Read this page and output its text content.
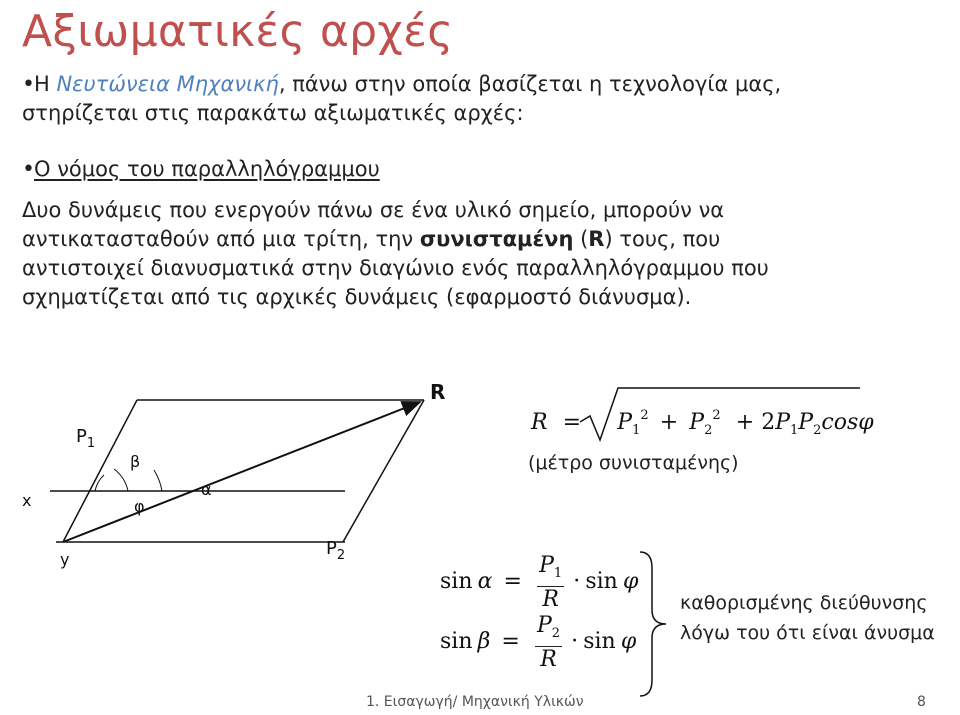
Αξιωματικές αρχές
•Η Νευτώνεια Μηχανική, πάνω στην οποία βασίζεται η τεχνολογία μας,
στηρίζεται στις παρακάτω αξιωματικές αρχές:
•Ο νόμος του παραλληλόγραμμου
Δυο δυνάμεις που ενεργούν πάνω σε ένα υλικό σημείο, μπορούν να
αντικατασταθούν από μια τρίτη, την συνισταμένη (R) τους, που
αντιστοιχεί διανυσματικά στην διαγώνιο ενός παραλληλόγραμμου που
σχηματίζεται από τις αρχικές δυνάμεις (εφαρμοστό διάνυσμα).
R
$P_1$
$P_2$
β
φ
α
x
y
$R = P_1^2 + P_2^2 + 2P_1P_2\cos\varphi$
(μέτρο συνισταμένης)
$\sin \alpha = \frac{P_1}{R} \cdot \sin \varphi$
$\sin \beta = \frac{P_2}{R} \cdot \sin \varphi$
καθορισμένης διεύθυνσης
λόγω του ότι είναι άνυσμα
1. Εισαγωγή/ Μηχανική Υλικών	8
